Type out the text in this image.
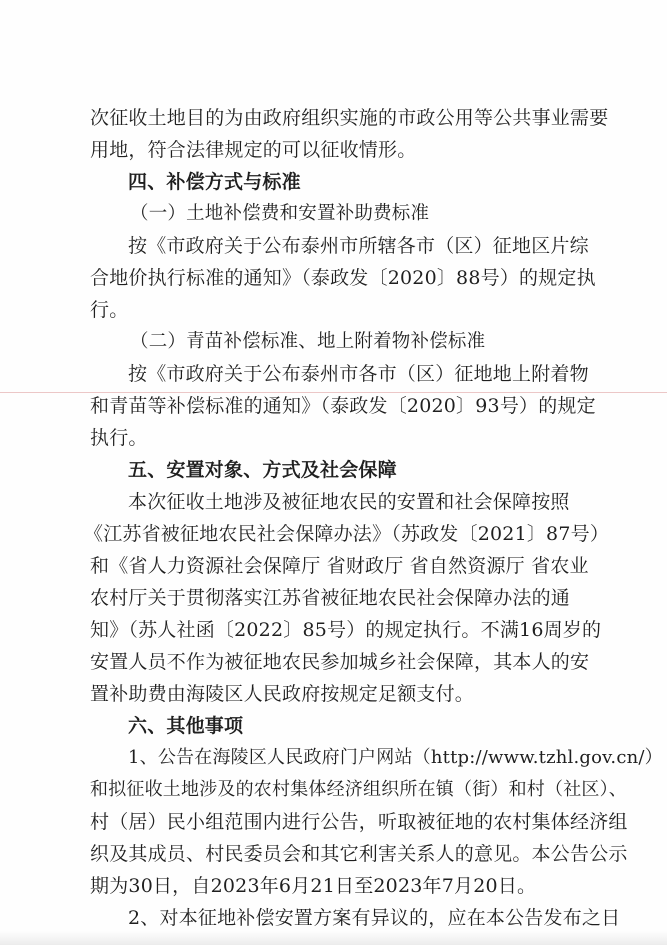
次征收土地目的为由政府组织实施的市政公用等公共事业需要
用地，符合法律规定的可以征收情形。
四、补偿方式与标准
（一）土地补偿费和安置补助费标准
按《市政府关于公布泰州市所辖各市（区）征地区片综
合地价执行标准的通知》（泰政发〔2020〕88号）的规定执
行。
（二）青苗补偿标准、地上附着物补偿标准
按《市政府关于公布泰州市各市（区）征地地上附着物
和青苗等补偿标准的通知》（泰政发〔2020〕93号）的规定
执行。
五、安置对象、方式及社会保障
本次征收土地涉及被征地农民的安置和社会保障按照
《江苏省被征地农民社会保障办法》（苏政发〔2021〕87号）
和《省人力资源社会保障厅 省财政厅 省自然资源厅 省农业
农村厅关于贯彻落实江苏省被征地农民社会保障办法的通
知》（苏人社函〔2022〕85号）的规定执行。不满16周岁的
安置人员不作为被征地农民参加城乡社会保障，其本人的安
置补助费由海陵区人民政府按规定足额支付。
六、其他事项
1、公告在海陵区人民政府门户网站（http://www.tzhl.gov.cn/）
和拟征收土地涉及的农村集体经济组织所在镇（街）和村（社区）、
村（居）民小组范围内进行公告，听取被征地的农村集体经济组
织及其成员、村民委员会和其它利害关系人的意见。本公告公示
期为30日，自2023年6月21日至2023年7月20日。
2、对本征地补偿安置方案有异议的，应在本公告发布之日
